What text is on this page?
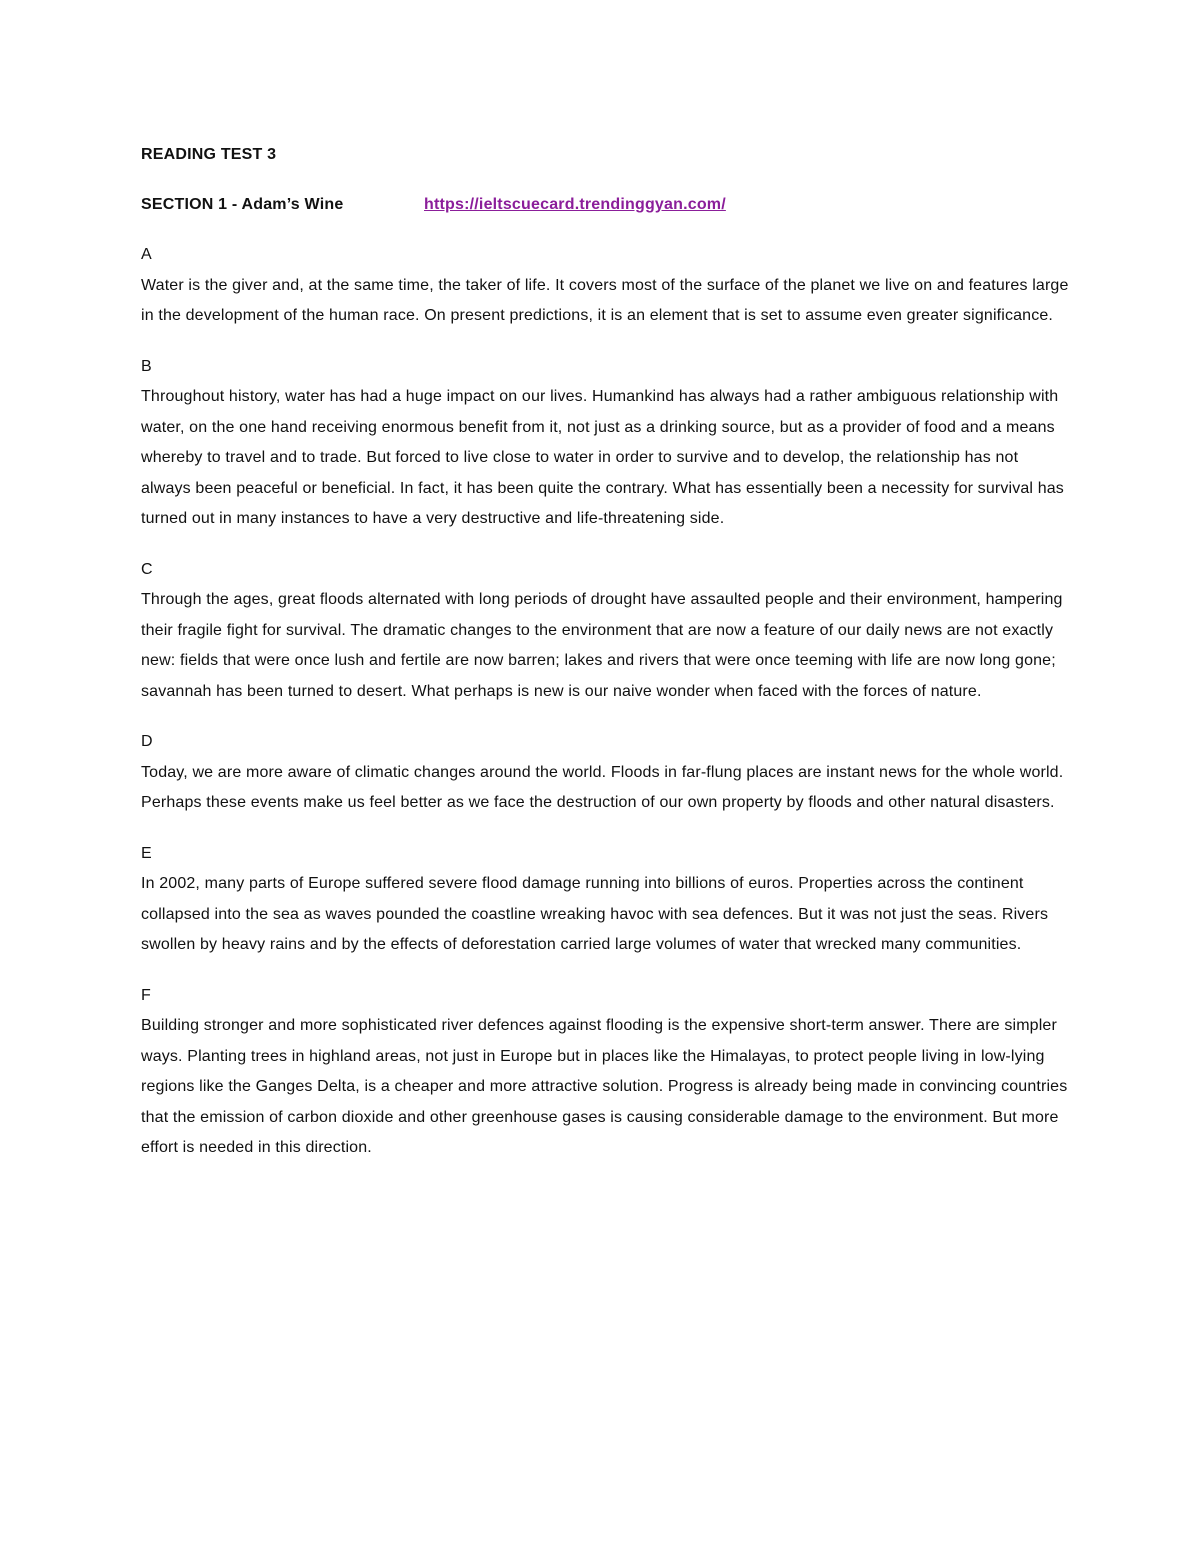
READING TEST 3
SECTION 1 - Adam’s Wine	https://ieltscuecard.trendinggyan.com/
A
Water is the giver and, at the same time, the taker of life. It covers most of the surface of the planet we live on and features large in the development of the human race. On present predictions, it is an element that is set to assume even greater significance.
B
Throughout history, water has had a huge impact on our lives. Humankind has always had a rather ambiguous relationship with water, on the one hand receiving enormous benefit from it, not just as a drinking source, but as a provider of food and a means whereby to travel and to trade. But forced to live close to water in order to survive and to develop, the relationship has not always been peaceful or beneficial. In fact, it has been quite the contrary. What has essentially been a necessity for survival has turned out in many instances to have a very destructive and life-threatening side.
C
Through the ages, great floods alternated with long periods of drought have assaulted people and their environment, hampering their fragile fight for survival. The dramatic changes to the environment that are now a feature of our daily news are not exactly new: fields that were once lush and fertile are now barren; lakes and rivers that were once teeming with life are now long gone; savannah has been turned to desert. What perhaps is new is our naive wonder when faced with the forces of nature.
D
Today, we are more aware of climatic changes around the world. Floods in far-flung places are instant news for the whole world. Perhaps these events make us feel better as we face the destruction of our own property by floods and other natural disasters.
E
In 2002, many parts of Europe suffered severe flood damage running into billions of euros. Properties across the continent collapsed into the sea as waves pounded the coastline wreaking havoc with sea defences. But it was not just the seas. Rivers swollen by heavy rains and by the effects of deforestation carried large volumes of water that wrecked many communities.
F
Building stronger and more sophisticated river defences against flooding is the expensive short-term answer. There are simpler ways. Planting trees in highland areas, not just in Europe but in places like the Himalayas, to protect people living in low-lying regions like the Ganges Delta, is a cheaper and more attractive solution. Progress is already being made in convincing countries that the emission of carbon dioxide and other greenhouse gases is causing considerable damage to the environment. But more effort is needed in this direction.
